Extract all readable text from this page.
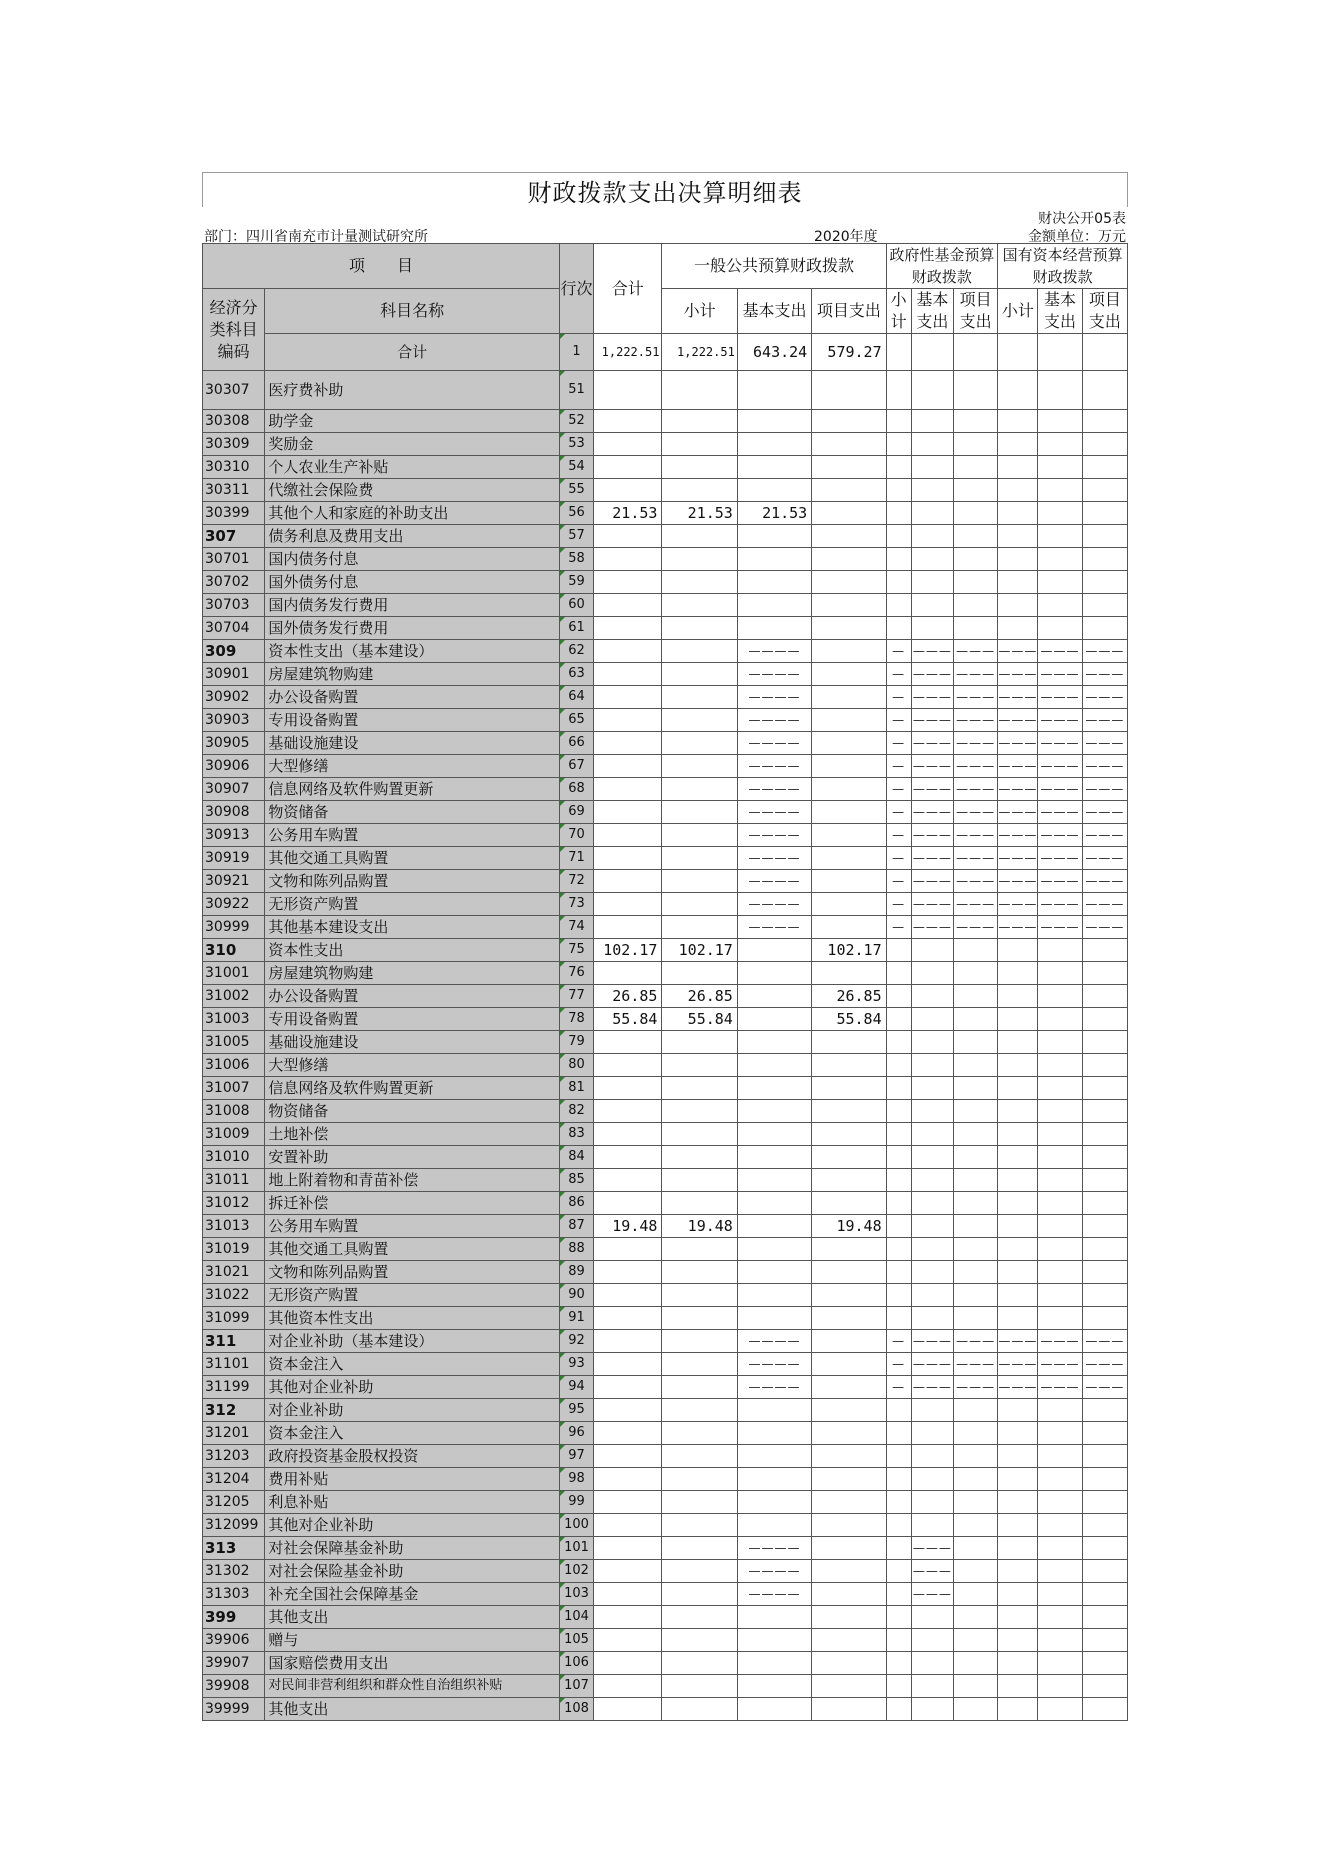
财政拨款支出决算明细表
财决公开05表
部门：四川省南充市计量测试研究所	2020年度	金额单位：万元
项　　目		行次	合计	一般公共预算财政拨款			政府性基金预算财政拨款			国有资本经营预算财政拨款		
经济分类科目编码	科目名称			小计	基本支出	项目支出	小计	基本支出	项目支出	小计	基本支出	项目支出
	合计	1	1,222.51	1,222.51	643.24	579.27						
30307	医疗费补助	51										
30308	助学金	52										
30309	奖励金	53										
30310	个人农业生产补贴	54										
30311	代缴社会保险费	55										
30399	其他个人和家庭的补助支出	56	21.53	21.53	21.53							
307	债务利息及费用支出	57										
30701	国内债务付息	58										
30702	国外债务付息	59										
30703	国内债务发行费用	60										
30704	国外债务发行费用	61										
309	资本性支出（基本建设）	62			————		—	———	———	———	———	———
30901	房屋建筑物购建	63			————		—	———	———	———	———	———
30902	办公设备购置	64			————		—	———	———	———	———	———
30903	专用设备购置	65			————		—	———	———	———	———	———
30905	基础设施建设	66			————		—	———	———	———	———	———
30906	大型修缮	67			————		—	———	———	———	———	———
30907	信息网络及软件购置更新	68			————		—	———	———	———	———	———
30908	物资储备	69			————		—	———	———	———	———	———
30913	公务用车购置	70			————		—	———	———	———	———	———
30919	其他交通工具购置	71			————		—	———	———	———	———	———
30921	文物和陈列品购置	72			————		—	———	———	———	———	———
30922	无形资产购置	73			————		—	———	———	———	———	———
30999	其他基本建设支出	74			————		—	———	———	———	———	———
310	资本性支出	75	102.17	102.17		102.17						
31001	房屋建筑物购建	76										
31002	办公设备购置	77	26.85	26.85		26.85						
31003	专用设备购置	78	55.84	55.84		55.84						
31005	基础设施建设	79										
31006	大型修缮	80										
31007	信息网络及软件购置更新	81										
31008	物资储备	82										
31009	土地补偿	83										
31010	安置补助	84										
31011	地上附着物和青苗补偿	85										
31012	拆迁补偿	86										
31013	公务用车购置	87	19.48	19.48		19.48						
31019	其他交通工具购置	88										
31021	文物和陈列品购置	89										
31022	无形资产购置	90										
31099	其他资本性支出	91										
311	对企业补助（基本建设）	92			————		—	———	———	———	———	———
31101	资本金注入	93			————		—	———	———	———	———	———
31199	其他对企业补助	94			————		—	———	———	———	———	———
312	对企业补助	95										
31201	资本金注入	96										
31203	政府投资基金股权投资	97										
31204	费用补贴	98										
31205	利息补贴	99										
312099	其他对企业补助	100										
313	对社会保障基金补助	101			————			———				
31302	对社会保险基金补助	102			————			———				
31303	补充全国社会保障基金	103			————			———				
399	其他支出	104										
39906	赠与	105										
39907	国家赔偿费用支出	106										
39908	对民间非营利组织和群众性自治组织补贴	107										
39999	其他支出	108										
